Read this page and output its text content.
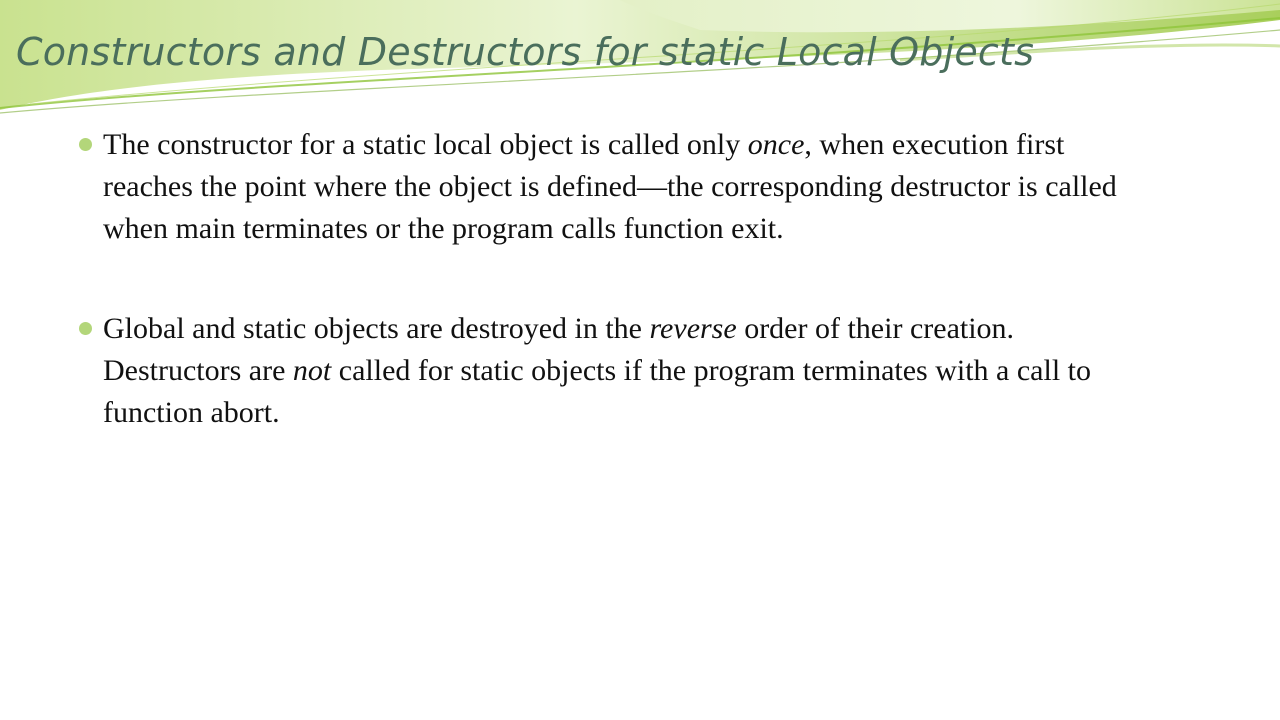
Constructors and Destructors for static Local Objects
The constructor for a static local object is called only once, when execution first reaches the point where the object is defined—the corresponding destructor is called when main terminates or the program calls function exit.
Global and static objects are destroyed in the reverse order of their creation. Destructors are not called for static objects if the program terminates with a call to function abort.
